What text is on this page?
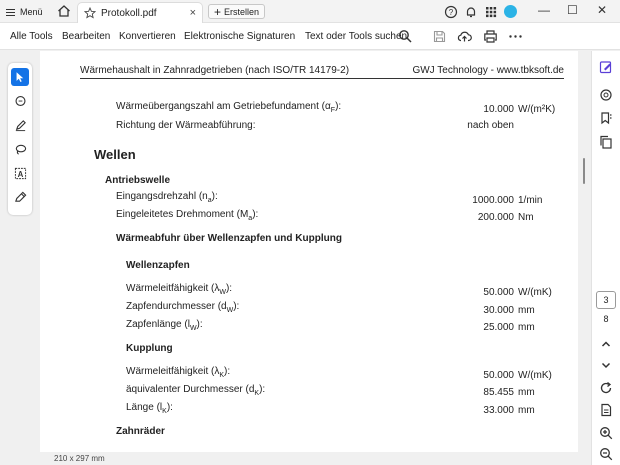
Menü	Protokoll.pdf	× + Erstellen	?	— ☐ ✕
Alle Tools Bearbeiten Konvertieren Elektronische Signaturen Text oder Tools suchen
A
Wärmehaushalt in Zahnradgetrieben (nach ISO/TR 14179-2)	GWJ Technology - www.tbksoft.de
Wärmeübergangszahl am Getriebefundament $(\alpha_F)$:	10.000 W/(m²K)
Richtung der Wärmeabführung:	nach oben
Wellen
Antriebswelle
Eingangsdrehzahl $(n_a)$:	1000.000 1/min
Eingeleitetes Drehmoment $(M_a)$:	200.000 Nm
Wärmeabfuhr über Wellenzapfen und Kupplung
Wellenzapfen
Wärmeleitfähigkeit $(\lambda_W)$:	50.000 W/(mK)
Zapfendurchmesser $(d_W)$:	30.000 mm
Zapfenlänge $(l_W)$:	25.000 mm
Kupplung
Wärmeleitfähigkeit $(\lambda_K)$:	50.000 W/(mK)
äquivalenter Durchmesser $(d_K)$:	85.455 mm
Länge $(l_K)$:	33.000 mm
Zahnräder
3
8
210 x 297 mm
